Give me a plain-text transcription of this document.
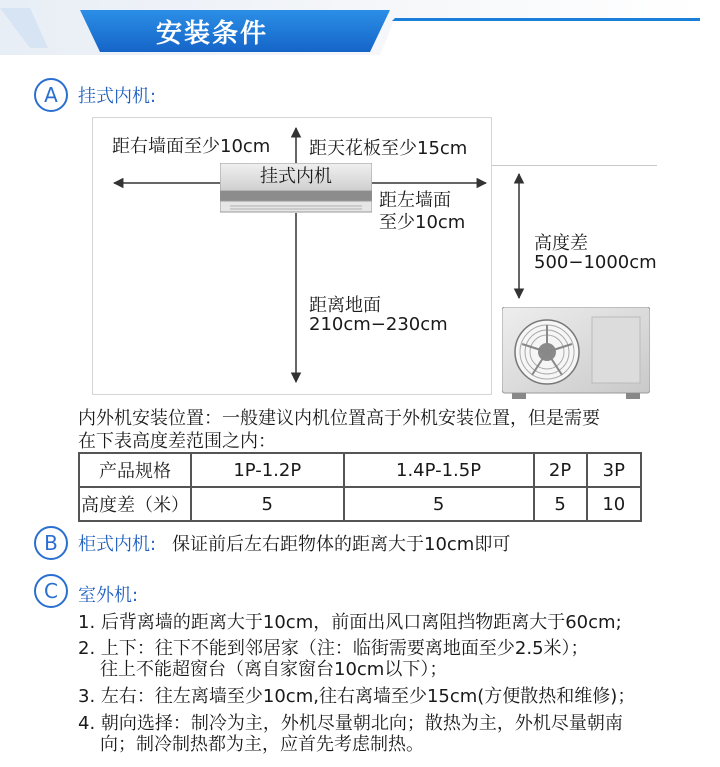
安装条件
A	挂式内机:
挂式内机
距右墙面至少10cm 距天花板至少15cm
距左墙面
至少10cm
高度差
500−1000cm
距离地面
210cm−230cm
内外机安装位置：一般建议内机位置高于外机安装位置，但是需要
在下表高度差范围之内：
产品规格	1P-1.2P	1.4P-1.5P	2P	3P
高度差（米）	5	5	5	10
B	柜式内机: 保证前后左右距物体的距离大于10cm即可
C	室外机:
1. 后背离墙的距离大于10cm，前面出风口离阻挡物距离大于60cm;
2. 上下：往下不能到邻居家（注：临街需要离地面至少2.5米）；
往上不能超窗台（离自家窗台10cm以下）；
3. 左右：往左离墙至少10cm,往右离墙至少15cm(方便散热和维修)；
4. 朝向选择：制冷为主，外机尽量朝北向；散热为主，外机尽量朝南
向；制冷制热都为主，应首先考虑制热。
